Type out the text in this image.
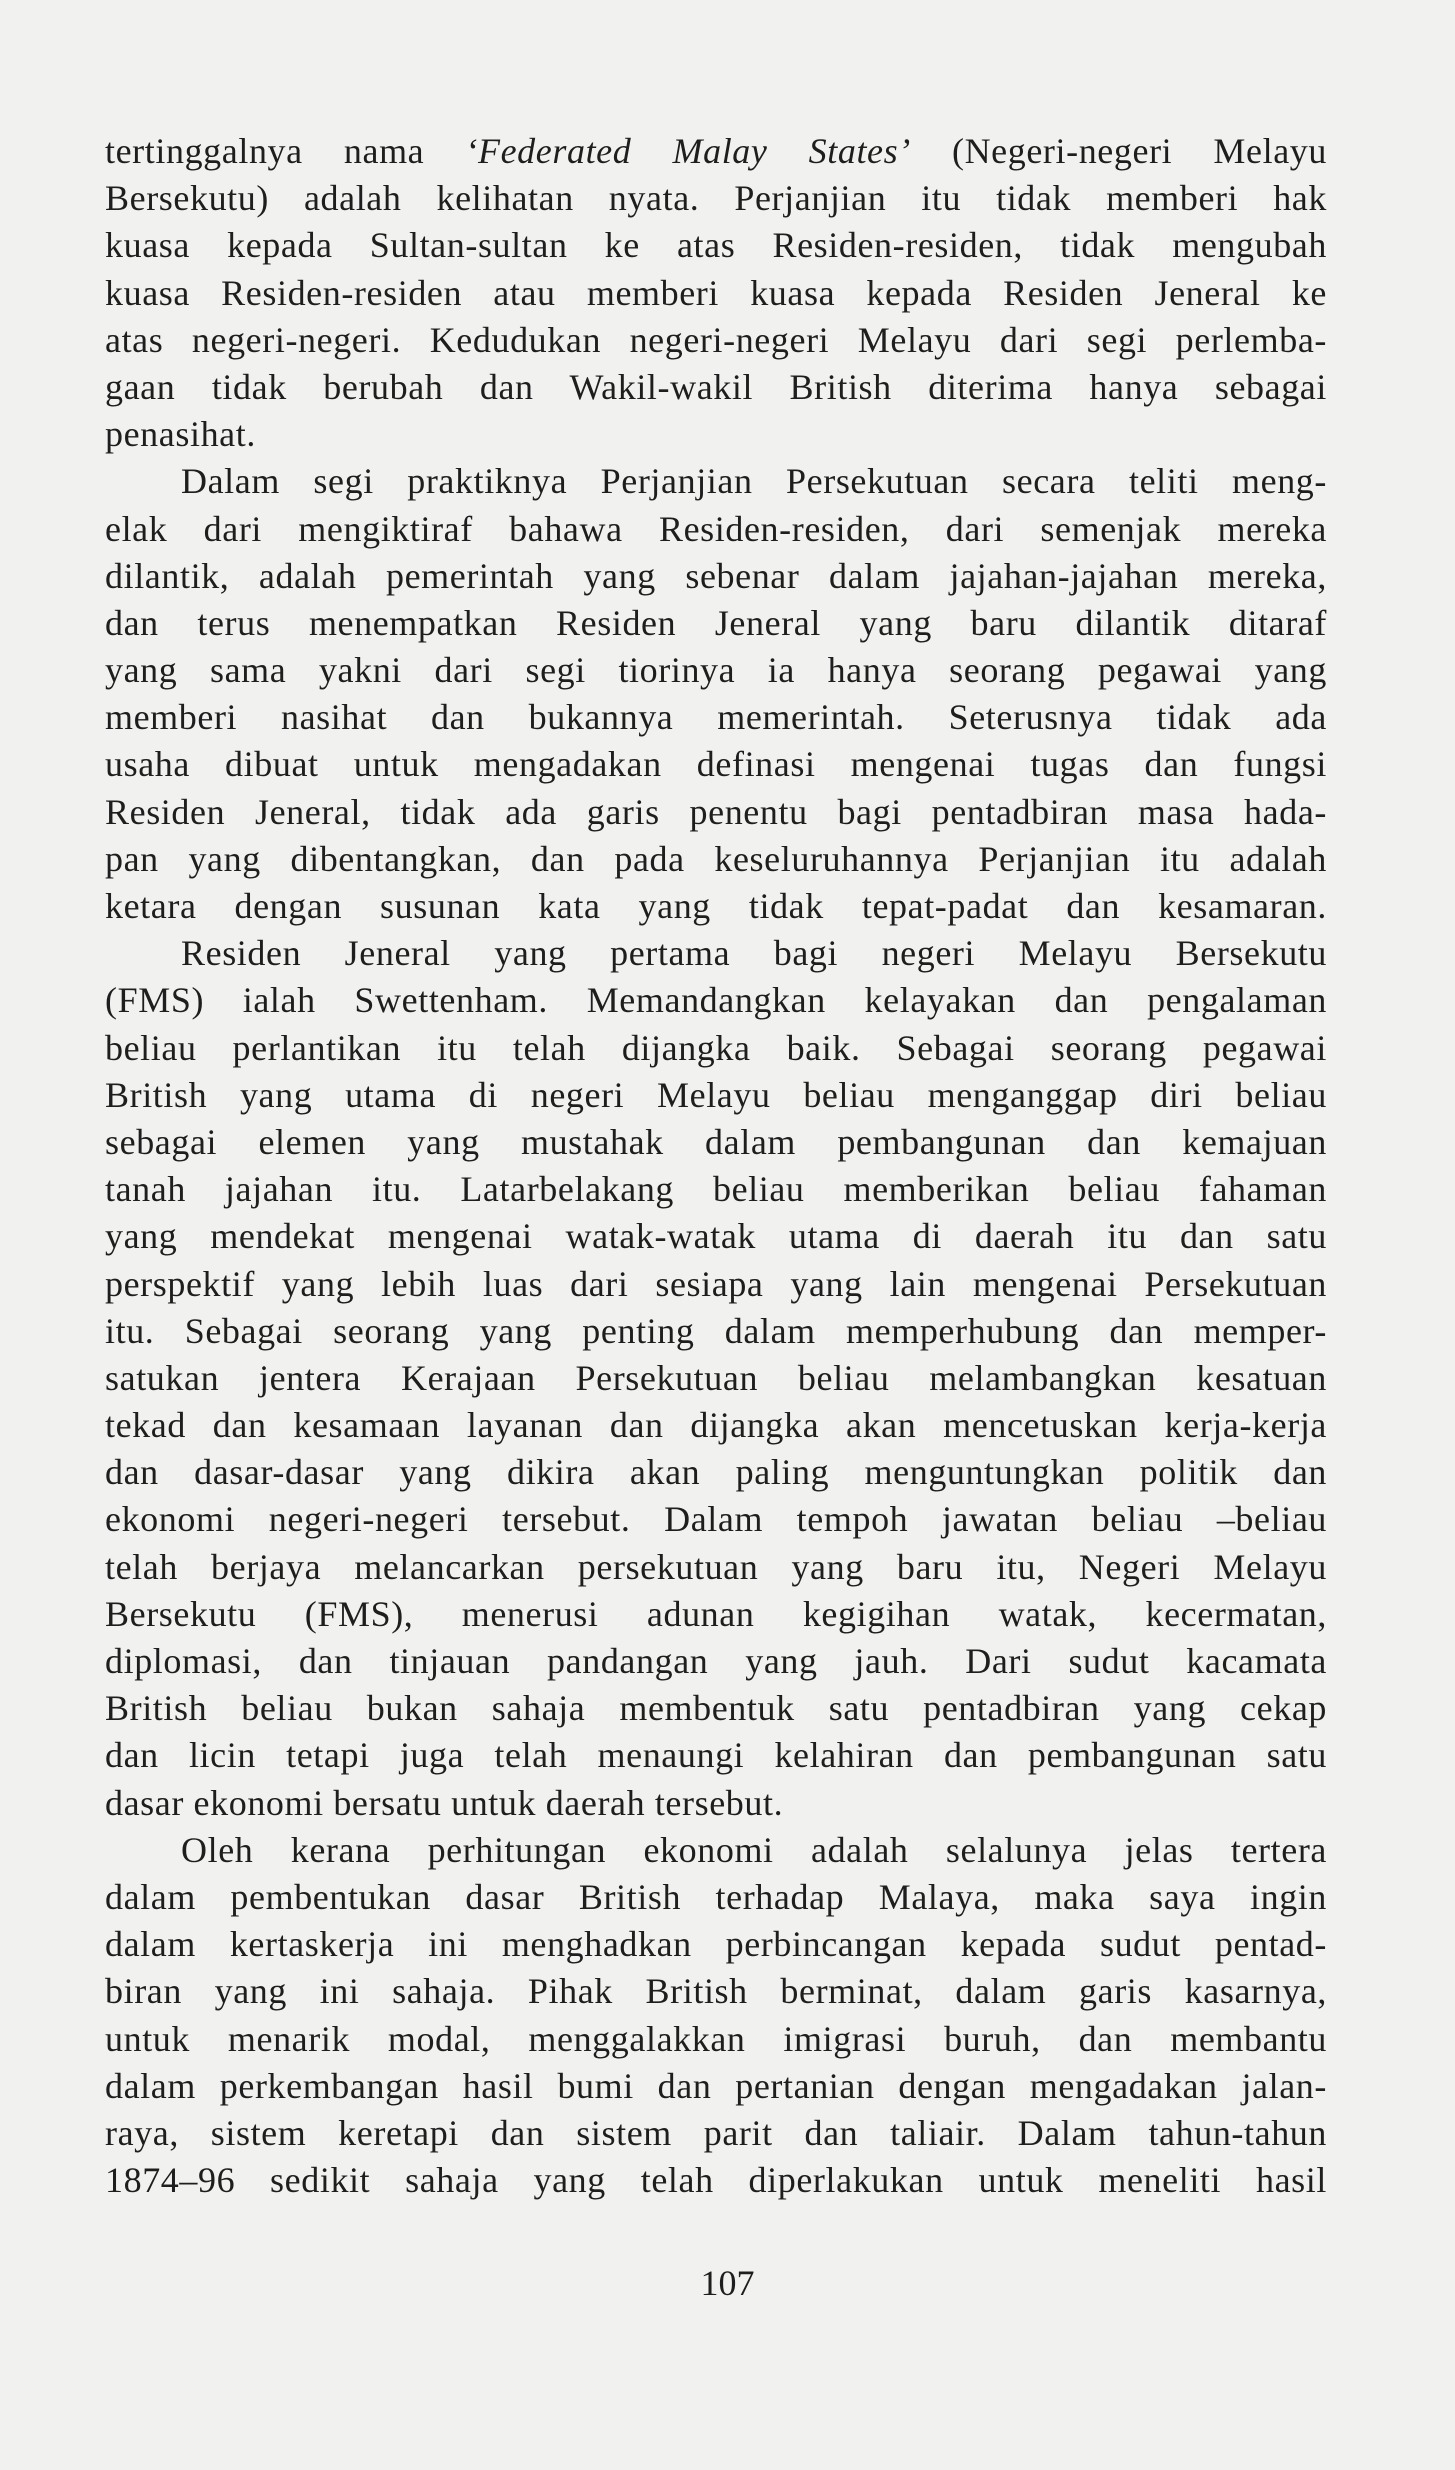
tertinggalnya nama ‘Federated Malay States’ (Negeri-negeri Melayu
Bersekutu) adalah kelihatan nyata. Perjanjian itu tidak memberi hak
kuasa kepada Sultan-sultan ke atas Residen-residen, tidak mengubah
kuasa Residen-residen atau memberi kuasa kepada Residen Jeneral ke
atas negeri-negeri. Kedudukan negeri-negeri Melayu dari segi perlemba-
gaan tidak berubah dan Wakil-wakil British diterima hanya sebagai
penasihat.
Dalam segi praktiknya Perjanjian Persekutuan secara teliti meng-
elak dari mengiktiraf bahawa Residen-residen, dari semenjak mereka
dilantik, adalah pemerintah yang sebenar dalam jajahan-jajahan mereka,
dan terus menempatkan Residen Jeneral yang baru dilantik ditaraf
yang sama yakni dari segi tiorinya ia hanya seorang pegawai yang
memberi nasihat dan bukannya memerintah. Seterusnya tidak ada
usaha dibuat untuk mengadakan definasi mengenai tugas dan fungsi
Residen Jeneral, tidak ada garis penentu bagi pentadbiran masa hada-
pan yang dibentangkan, dan pada keseluruhannya Perjanjian itu adalah
ketara dengan susunan kata yang tidak tepat-padat dan kesamaran.
Residen Jeneral yang pertama bagi negeri Melayu Bersekutu
(FMS) ialah Swettenham. Memandangkan kelayakan dan pengalaman
beliau perlantikan itu telah dijangka baik. Sebagai seorang pegawai
British yang utama di negeri Melayu beliau menganggap diri beliau
sebagai elemen yang mustahak dalam pembangunan dan kemajuan
tanah jajahan itu. Latarbelakang beliau memberikan beliau fahaman
yang mendekat mengenai watak-watak utama di daerah itu dan satu
perspektif yang lebih luas dari sesiapa yang lain mengenai Persekutuan
itu. Sebagai seorang yang penting dalam memperhubung dan memper-
satukan jentera Kerajaan Persekutuan beliau melambangkan kesatuan
tekad dan kesamaan layanan dan dijangka akan mencetuskan kerja-kerja
dan dasar-dasar yang dikira akan paling menguntungkan politik dan
ekonomi negeri-negeri tersebut. Dalam tempoh jawatan beliau –beliau
telah berjaya melancarkan persekutuan yang baru itu, Negeri Melayu
Bersekutu (FMS), menerusi adunan kegigihan watak, kecermatan,
diplomasi, dan tinjauan pandangan yang jauh. Dari sudut kacamata
British beliau bukan sahaja membentuk satu pentadbiran yang cekap
dan licin tetapi juga telah menaungi kelahiran dan pembangunan satu
dasar ekonomi bersatu untuk daerah tersebut.
Oleh kerana perhitungan ekonomi adalah selalunya jelas tertera
dalam pembentukan dasar British terhadap Malaya, maka saya ingin
dalam kertaskerja ini menghadkan perbincangan kepada sudut pentad-
biran yang ini sahaja. Pihak British berminat, dalam garis kasarnya,
untuk menarik modal, menggalakkan imigrasi buruh, dan membantu
dalam perkembangan hasil bumi dan pertanian dengan mengadakan jalan-
raya, sistem keretapi dan sistem parit dan taliair. Dalam tahun-tahun
1874–96 sedikit sahaja yang telah diperlakukan untuk meneliti hasil
107
